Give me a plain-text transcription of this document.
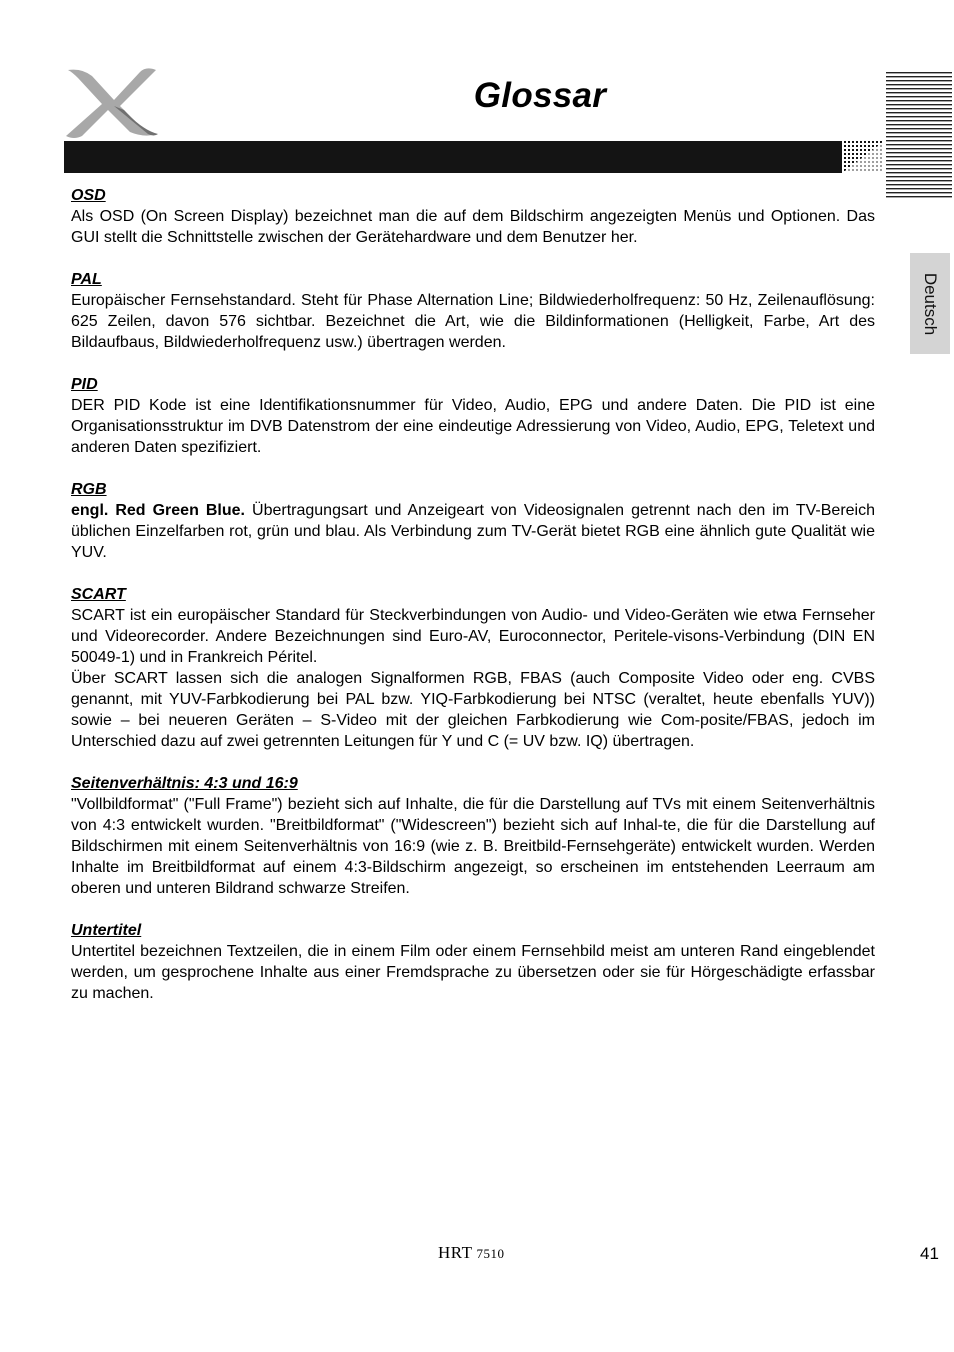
Glossar
Deutsch
OSD

Als OSD (On Screen Display) bezeichnet man die auf dem Bildschirm angezeigten Menüs und Optionen. Das GUI stellt die Schnittstelle zwischen der Gerätehardware und dem Benutzer her.

PAL

Europäischer Fernsehstandard. Steht für Phase Alternation Line; Bildwiederholfrequenz: 50 Hz, Zeilenauflösung: 625 Zeilen, davon 576 sichtbar. Bezeichnet die Art, wie die Bildinformationen (Helligkeit, Farbe, Art des Bildaufbaus, Bildwiederholfrequenz usw.) übertragen werden.

PID

DER PID Kode ist eine Identifikationsnummer für Video, Audio, EPG und andere Daten. Die PID ist eine Organisationsstruktur im DVB Datenstrom der eine eindeutige Adressierung von Video, Audio, EPG, Teletext und anderen Daten spezifiziert.

RGB

engl. Red Green Blue. Übertragungsart und Anzeigeart von Videosignalen getrennt nach den im TV-Bereich üblichen Einzelfarben rot, grün und blau. Als Verbindung zum TV-Gerät bietet RGB eine ähnlich gute Qualität wie YUV.

SCART

SCART ist ein europäischer Standard für Steckverbindungen von Audio- und Video-Geräten wie etwa Fernseher und Videorecorder. Andere Bezeichnungen sind Euro-AV, Euroconnector, Peritele-visons-Verbindung (DIN EN 50049-1) und in Frankreich Péritel.

Über SCART lassen sich die analogen Signalformen RGB, FBAS (auch Composite Video oder eng. CVBS genannt, mit YUV-Farbkodierung bei PAL bzw. YIQ-Farbkodierung bei NTSC (veraltet, heute ebenfalls YUV)) sowie – bei neueren Geräten – S-Video mit der gleichen Farbkodierung wie Com-posite/FBAS, jedoch im Unterschied dazu auf zwei getrennten Leitungen für Y und C (= UV bzw. IQ) übertragen.

Seitenverhältnis: 4:3 und 16:9

"Vollbildformat" ("Full Frame") bezieht sich auf Inhalte, die für die Darstellung auf TVs mit einem Seitenverhältnis von 4:3 entwickelt wurden. "Breitbildformat" ("Widescreen") bezieht sich auf Inhal-te, die für die Darstellung auf Bildschirmen mit einem Seitenverhältnis von 16:9 (wie z. B. Breitbild-Fernsehgeräte) entwickelt wurden. Werden Inhalte im Breitbildformat auf einem 4:3-Bildschirm angezeigt, so erscheinen im entstehenden Leerraum am oberen und unteren Bildrand schwarze Streifen.

Untertitel

Untertitel bezeichnen Textzeilen, die in einem Film oder einem Fernsehbild meist am unteren Rand eingeblendet werden, um gesprochene Inhalte aus einer Fremdsprache zu übersetzen oder sie für Hörgeschädigte erfassbar zu machen.

HRT 7510	41
